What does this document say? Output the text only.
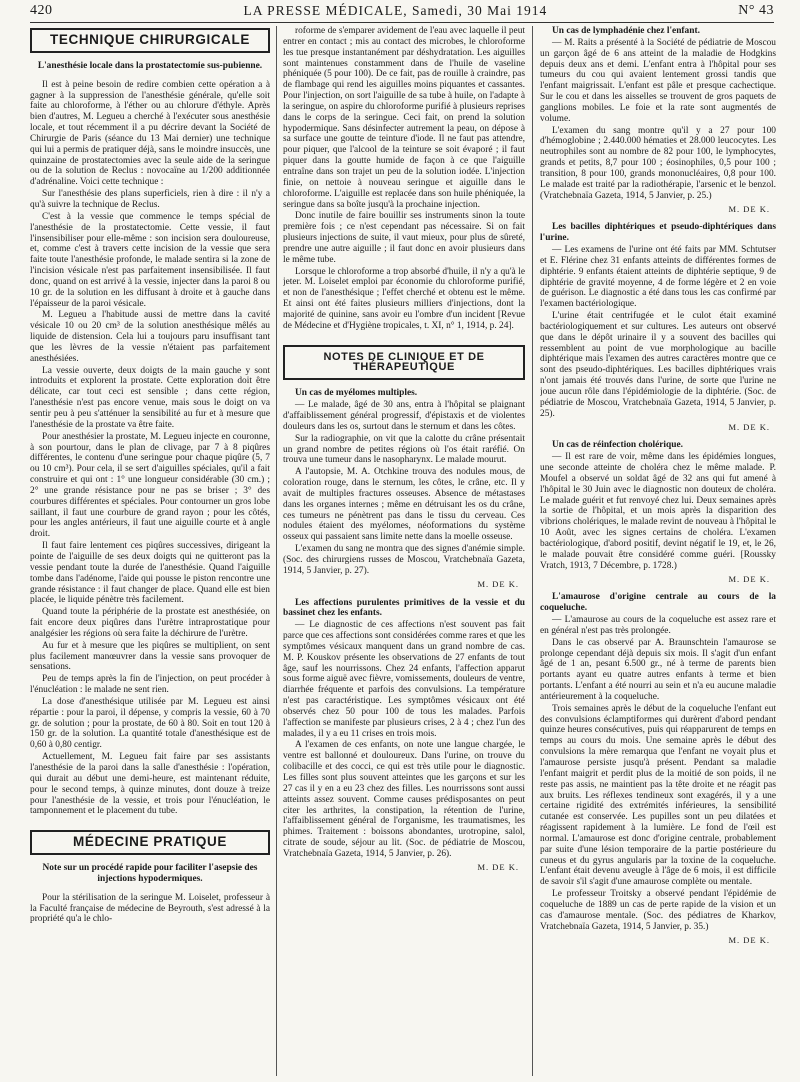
420	LA PRESSE MÉDICALE, Samedi, 30 Mai 1914	N° 43
TECHNIQUE CHIRURGICALE
L'anesthésie locale dans la prostatectomie sus-pubienne.

Il est à peine besoin de redire combien cette opération a à gagner à la suppression de l'anesthésie générale, qu'elle soit faite au chloroforme, à l'éther ou au chlorure d'éthyle. Après bien d'autres, M. Legueu a cherché à l'exécuter sous anesthésie locale, et tout récemment il a pu décrire devant la Société de Chirurgie de Paris (séance du 13 Mai dernier) une technique qui lui a permis de pratiquer déjà, sans le moindre insuccès, une quinzaine de prostatectomies avec la seule aide de la seringue ou de la solution de Reclus : novocaïne au 1/200 additionnée d'adrénaline. Voici cette technique :

Sur l'anesthésie des plans superficiels, rien à dire : il n'y a qu'à suivre la technique de Reclus.

C'est à la vessie que commence le temps spécial de l'anesthésie de la prostatectomie. Cette vessie, il faut l'insensibiliser pour elle-même : son incision sera douloureuse, et, comme c'est à travers cette incision de la vessie que sera faite toute l'anesthésie profonde, le malade sentira si la zone de l'incision vésicale n'est pas parfaitement insensibilisée. Il faut donc, quand on est arrivé à la vessie, injecter dans la paroi 8 ou 10 gr. de la solution en les diffusant à droite et à gauche dans l'épaisseur de la paroi vésicale.

M. Legueu a l'habitude aussi de mettre dans la cavité vésicale 10 ou 20 cm³ de la solution anesthésique mêlés au liquide de distension. Cela lui a toujours paru insuffisant tant que les lèvres de la vessie n'étaient pas parfaitement anesthésiées.

La vessie ouverte, deux doigts de la main gauche y sont introduits et explorent la prostate. Cette exploration doit être délicate, car tout ceci est sensible ; dans cette région, l'anesthésie n'est pas encore venue, mais sous le doigt on va sentir peu à peu s'atténuer la sensibilité au fur et à mesure que l'anesthésie de la prostate va être faite.

Pour anesthésier la prostate, M. Legueu injecte en couronne, à son pourtour, dans le plan de clivage, par 7 à 8 piqûres différentes, le contenu d'une seringue pour chaque piqûre (5, 7 ou 10 cm³). Pour cela, il se sert d'aiguilles spéciales, qu'il a fait construire et qui ont : 1° une longueur considérable (30 cm.) ; 2° une grande résistance pour ne pas se briser ; 3° des courbures différentes et spéciales. Pour contourner un gros lobe saillant, il faut une courbure de grand rayon ; pour les côtés, pour les angles antérieurs, il faut une aiguille courte et à angle droit.

Il faut faire lentement ces piqûres successives, dirigeant la pointe de l'aiguille de ses deux doigts qui ne quitteront pas la vessie pendant toute la durée de l'anesthésie. Quand l'aiguille tombe dans l'adénome, l'aide qui pousse le piston rencontre une grande résistance : il faut changer de place. Quand elle est bien placée, le liquide pénètre très facilement.

Quand toute la périphérie de la prostate est anesthésiée, on fait encore deux piqûres dans l'urètre intraprostatique pour analgésier les régions où sera faite la déchirure de l'urètre.

Au fur et à mesure que les piqûres se multiplient, on sent plus facilement manœuvrer dans la vessie sans provoquer de sensations.

Peu de temps après la fin de l'injection, on peut procéder à l'énucléation : le malade ne sent rien.

La dose d'anesthésique utilisée par M. Legueu est ainsi répartie : pour la paroi, il dépense, y compris la vessie, 60 à 70 gr. de solution ; pour la prostate, de 60 à 80. Soit en tout 120 à 150 gr. de la solution. La quantité totale d'anesthésique est de 0,60 à 0,80 centigr.

Actuellement, M. Legueu fait faire par ses assistants l'anesthésie de la paroi dans la salle d'anesthésie : l'opération, qui durait au début une demi-heure, est maintenant réduite, pour le second temps, à quinze minutes, dont douze à treize pour l'anesthésie de la vessie, et trois pour l'énucléation, le tamponnement et le placement du tube.

MÉDECINE PRATIQUE
Note sur un procédé rapide pour faciliter l'asepsie des injections hypodermiques.

Pour la stérilisation de la seringue M. Loiselet, professeur à la Faculté française de médecine de Beyrouth, s'est adressé à la propriété qu'a le chlo-

roforme de s'emparer avidement de l'eau avec laquelle il peut entrer en contact ; mis au contact des microbes, le chloroforme les tue presque instantanément par déshydratation. Les aiguilles sont maintenues constamment dans de l'huile de vaseline phéniquée (5 pour 100). De ce fait, pas de rouille à craindre, pas de flambage qui rend les aiguilles moins piquantes et cassantes. Pour l'injection, on sort l'aiguille de sa tube à huile, on l'adapte à la seringue, on aspire du chloroforme purifié à plusieurs reprises dans le corps de la seringue. Ceci fait, on prend la solution hypodermique. Sans désinfecter autrement la peau, on dépose à sa surface une goutte de teinture d'iode. Il ne faut pas attendre, pour piquer, que l'alcool de la teinture se soit évaporé ; il faut piquer dans la goutte humide de façon à ce que l'aiguille entraîne dans son trajet un peu de la solution iodée. L'injection finie, on nettoie à nouveau seringue et aiguille dans le chloroforme. L'aiguille est replacée dans son huile phéniquée, la seringue dans sa boîte jusqu'à la prochaine injection.

Donc inutile de faire bouillir ses instruments sinon la toute première fois ; ce n'est cependant pas nécessaire. Si on fait plusieurs injections de suite, il vaut mieux, pour plus de sûreté, prendre une autre aiguille ; il faut donc en avoir plusieurs dans le même tube.

Lorsque le chloroforme a trop absorbé d'huile, il n'y a qu'à le jeter. M. Loiselet emploi par économie du chloroforme purifié, et non de l'anesthésique ; l'effet cherché et obtenu est le même. Et ainsi ont été faites plusieurs milliers d'injections, dont la majorité de quinine, sans avoir eu l'ombre d'un incident [Revue de Médecine et d'Hygiène tropicales, t. XI, n° 1, 1914, p. 24].

NOTES DE CLINIQUE ET DE THÉRAPEUTIQUE

Un cas de myélomes multiples.

— Le malade, âgé de 30 ans, entra à l'hôpital se plaignant d'affaiblissement général progressif, d'épistaxis et de violentes douleurs dans les os, surtout dans le sternum et dans les côtes.

Sur la radiographie, on vit que la calotte du crâne présentait un grand nombre de petites régions où l'os était raréfié. On trouva une tumeur dans le nasopharynx. Le malade mourut.

A l'autopsie, M. A. Otchkine trouva des nodules mous, de coloration rouge, dans le sternum, les côtes, le crâne, etc. Il y avait de multiples fractures osseuses. Absence de métastases dans les organes internes ; même en détruisant les os du crâne, ces tumeurs ne pénètrent pas dans le tissu du cerveau. Ces nodules étaient des myélomes, néoformations du système osseux qui passaient sans limite nette dans la moelle osseuse.

L'examen du sang ne montra que des signes d'anémie simple. (Soc. des chirurgiens russes de Moscou, Vratchebnaïa Gazeta, 1914, 5 Janvier, p. 27).

M. DE K.

Les affections purulentes primitives de la vessie et du bassinet chez les enfants.

— Le diagnostic de ces affections n'est souvent pas fait parce que ces affections sont considérées comme rares et que les symptômes vésicaux manquent dans un grand nombre de cas. M. P. Kouskov présente les observations de 27 enfants de tout âge, sauf les nourrissons. Chez 24 enfants, l'affection apparut sous forme aiguë avec fièvre, vomissements, douleurs de ventre, diarrhée fréquente et parfois des convulsions. La température n'est pas caractéristique. Les symptômes vésicaux ont été observés chez 50 pour 100 de tous les malades. Parfois l'affection se manifeste par plusieurs crises, 2 à 4 ; chez l'un des malades, il y a eu 11 crises en trois mois.

A l'examen de ces enfants, on note une langue chargée, le ventre est ballonné et douloureux. Dans l'urine, on trouve du colibacille et des cocci, ce qui est très utile pour le diagnostic. Les filles sont plus souvent atteintes que les garçons et sur les 27 cas il y en a eu 23 chez des filles. Les nourrissons sont aussi atteints assez souvent. Comme causes prédisposantes on peut citer les arthrites, la constipation, la rétention de l'urine, l'affaiblissement général de l'organisme, les traumatismes, les phimes. Traitement : boissons abondantes, urotropine, salol, citrate de soude, séjour au lit. (Soc. de pédiatrie de Moscou, Vratchebnaïa Gazeta, 1914, 5 Janvier, p. 26).

M. DE K.

Un cas de lymphadénie chez l'enfant.

— M. Raits a présenté à la Société de pédiatrie de Moscou un garçon âgé de 6 ans atteint de la maladie de Hodgkins depuis deux ans et demi. L'enfant entra à l'hôpital pour ses tumeurs du cou qui avaient lentement grossi tandis que l'enfant maigrissait. L'enfant est pâle et presque cachectique. Sur le cou et dans les aisselles se trouvent de gros paquets de ganglions mobiles. Le foie et la rate sont augmentés de volume.

L'examen du sang montre qu'il y a 27 pour 100 d'hémoglobine ; 2.440.000 hématies et 28.000 leucocytes. Les neutrophiles sont au nombre de 82 pour 100, le lymphocytes, grands et petits, 8,7 pour 100 ; éosinophiles, 0,5 pour 100 ; transition, 8 pour 100, grands mononucléaires, 0,8 pour 100. Le malade est traité par la radiothérapie, l'arsenic et le benzol. (Vratchebnaïa Gazeta, 1914, 5 Janvier, p. 25.)

M. DE K.

Les bacilles diphtériques et pseudo-diphtériques dans l'urine.

— Les examens de l'urine ont été faits par MM. Schtutser et E. Flérine chez 31 enfants atteints de différentes formes de diphtérie. 9 enfants étaient atteints de diphtérie septique, 9 de diphtérie de gravité moyenne, 4 de forme légère et 2 en voie de guérison. Le diagnostic a été dans tous les cas confirmé par l'examen bactériologique.

L'urine était centrifugée et le culot était examiné bactériologiquement et sur cultures. Les auteurs ont observé que dans le dépôt urinaire il y a souvent des bacilles qui ressemblent au point de vue morphologique au bacille diphtérique mais l'examen des autres caractères montre que ce sont des pseudo-diphtériques. Les bacilles diphtériques vrais n'ont jamais été trouvés dans l'urine, de sorte que l'urine ne joue aucun rôle dans l'épidémiologie de la diphtérie. (Soc. de pédiatrie de Moscou, Vratchebnaïa Gazeta, 1914, 5 Janvier, p. 25).

M. DE K.

Un cas de réinfection cholérique.

— Il est rare de voir, même dans les épidémies longues, une seconde atteinte de choléra chez le même malade. P. Moufel a observé un soldat âgé de 32 ans qui fut amené à l'hôpital le 30 Juin avec le diagnostic non douteux de choléra. Le malade guérit et fut renvoyé chez lui. Deux semaines après la sortie de l'hôpital, et un mois après la disparition des vibrions cholériques, le malade revint de nouveau à l'hôpital le 10 Août, avec les signes certains de choléra. L'examen bactériologique, d'abord positif, devint négatif le 19, et, le 26, le malade pouvait être considéré comme guéri. [Roussky Vratch, 1913, 7 Décembre, p. 1728.)

M. DE K.

L'amaurose d'origine centrale au cours de la coqueluche.

— L'amaurose au cours de la coqueluche est assez rare et en général n'est pas très prolongée.

Dans le cas observé par A. Braunschtein l'amaurose se prolonge cependant déjà depuis six mois. Il s'agit d'un enfant âgé de 1 an, pesant 6.500 gr., né à terme de parents bien portants ayant eu quatre autres enfants à terme et bien portants. L'enfant a été nourri au sein et n'a eu aucune maladie antérieurement à la coqueluche.

Trois semaines après le début de la coqueluche l'enfant eut des convulsions éclamptiformes qui durèrent d'abord pendant quinze heures consécutives, puis qui réapparurent de temps en temps au cours du mois. Une semaine après le début des convulsions la mère remarqua que l'enfant ne voyait plus et l'amaurose persiste jusqu'à présent. Pendant sa maladie l'enfant maigrit et perdit plus de la moitié de son poids, il ne reste pas assis, ne maintient pas la tête droite et ne réagit pas aux bruits. Les réflexes tendineux sont exagérés, il y a une certaine rigidité des extrémités inférieures, la sensibilité cutanée est conservée. Les pupilles sont un peu dilatées et réagissent rapidement à la lumière. Le fond de l'œil est normal. L'amaurose est donc d'origine centrale, probablement par suite d'une lésion temporaire de la partie postérieure du cuneus et du gyrus angularis par la toxine de la coqueluche. L'enfant était devenu aveugle à l'âge de 6 mois, il est difficile de savoir s'il s'agit d'une amaurose complète ou mentale.

Le professeur Troitsky a observé pendant l'épidémie de coqueluche de 1889 un cas de perte rapide de la vision et un cas d'amaurose mentale. (Soc. des pédiatres de Kharkov, Vratchebnaïa Gazeta, 1914, 5 Janvier, p. 35.)

M. DE K.
